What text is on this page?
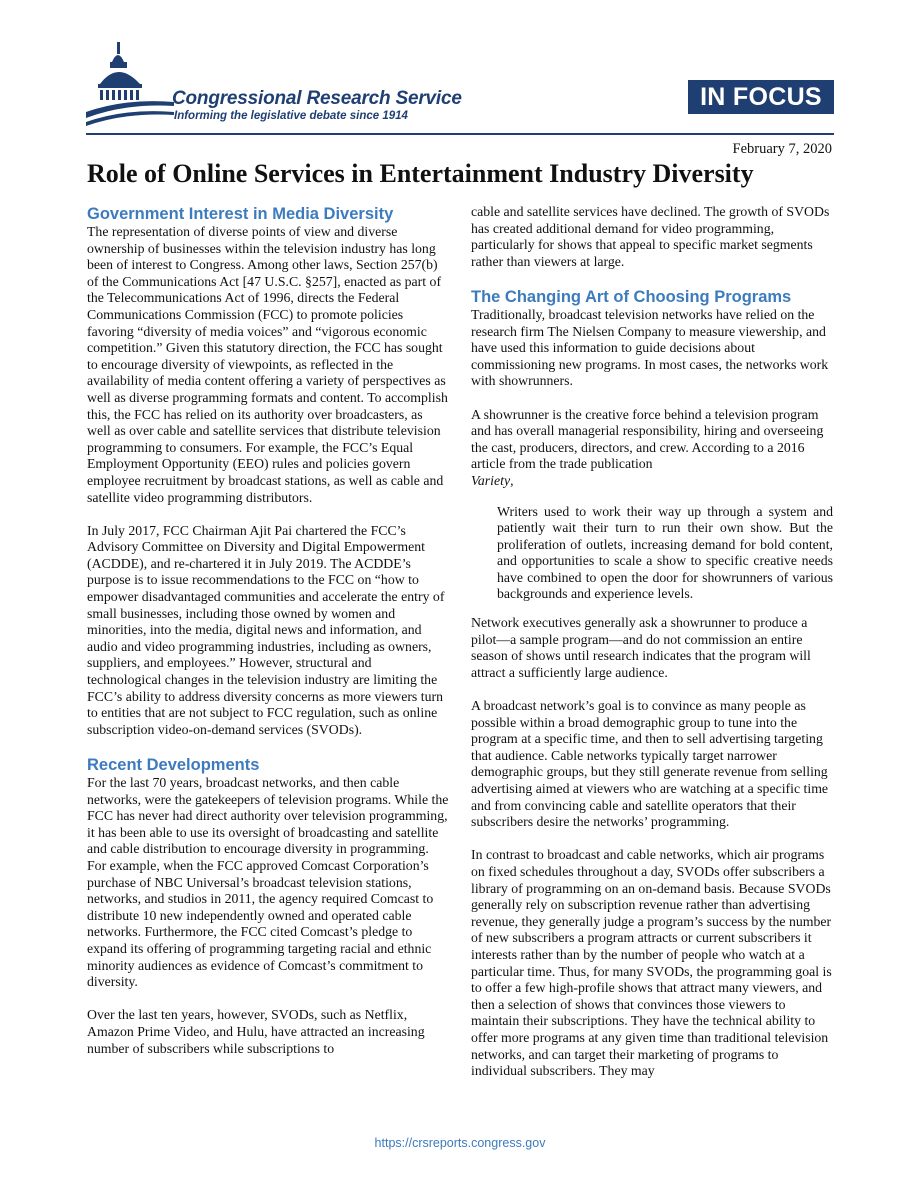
Congressional Research Service
Informing the legislative debate since 1914
IN FOCUS
February 7, 2020
Role of Online Services in Entertainment Industry Diversity
Government Interest in Media Diversity

The representation of diverse points of view and diverse ownership of businesses within the television industry has long been of interest to Congress. Among other laws, Section 257(b) of the Communications Act [47 U.S.C. §257], enacted as part of the Telecommunications Act of 1996, directs the Federal Communications Commission (FCC) to promote policies favoring “diversity of media voices” and “vigorous economic competition.” Given this statutory direction, the FCC has sought to encourage diversity of viewpoints, as reflected in the availability of media content offering a variety of perspectives as well as diverse programming formats and content. To accomplish this, the FCC has relied on its authority over broadcasters, as well as over cable and satellite services that distribute television programming to consumers. For example, the FCC’s Equal Employment Opportunity (EEO) rules and policies govern employee recruitment by broadcast stations, as well as cable and satellite video programming distributors.

In July 2017, FCC Chairman Ajit Pai chartered the FCC’s Advisory Committee on Diversity and Digital Empowerment (ACDDE), and re-chartered it in July 2019. The ACDDE’s purpose is to issue recommendations to the FCC on “how to empower disadvantaged communities and accelerate the entry of small businesses, including those owned by women and minorities, into the media, digital news and information, and audio and video programming industries, including as owners, suppliers, and employees.” However, structural and technological changes in the television industry are limiting the FCC’s ability to address diversity concerns as more viewers turn to entities that are not subject to FCC regulation, such as online subscription video-on-demand services (SVODs).

Recent Developments

For the last 70 years, broadcast networks, and then cable networks, were the gatekeepers of television programs. While the FCC has never had direct authority over television programming, it has been able to use its oversight of broadcasting and satellite and cable distribution to encourage diversity in programming. For example, when the FCC approved Comcast Corporation’s purchase of NBC Universal’s broadcast television stations, networks, and studios in 2011, the agency required Comcast to distribute 10 new independently owned and operated cable networks. Furthermore, the FCC cited Comcast’s pledge to expand its offering of programming targeting racial and ethnic minority audiences as evidence of Comcast’s commitment to diversity.

Over the last ten years, however, SVODs, such as Netflix, Amazon Prime Video, and Hulu, have attracted an increasing number of subscribers while subscriptions to

cable and satellite services have declined. The growth of SVODs has created additional demand for video programming, particularly for shows that appeal to specific market segments rather than viewers at large.

The Changing Art of Choosing Programs

Traditionally, broadcast television networks have relied on the research firm The Nielsen Company to measure viewership, and have used this information to guide decisions about commissioning new programs. In most cases, the networks work with showrunners.

A showrunner is the creative force behind a television program and has overall managerial responsibility, hiring and overseeing the cast, producers, directors, and crew. According to a 2016 article from the trade publication
Variety,

Writers used to work their way up through a system and patiently wait their turn to run their own show. But the proliferation of outlets, increasing demand for bold content, and opportunities to scale a show to specific creative needs have combined to open the door for showrunners of various backgrounds and experience levels.

Network executives generally ask a showrunner to produce a pilot—a sample program—and do not commission an entire season of shows until research indicates that the program will attract a sufficiently large audience.

A broadcast network’s goal is to convince as many people as possible within a broad demographic group to tune into the program at a specific time, and then to sell advertising targeting that audience. Cable networks typically target narrower demographic groups, but they still generate revenue from selling advertising aimed at viewers who are watching at a specific time and from convincing cable and satellite operators that their subscribers desire the networks’ programming.

In contrast to broadcast and cable networks, which air programs on fixed schedules throughout a day, SVODs offer subscribers a library of programming on an on-demand basis. Because SVODs generally rely on subscription revenue rather than advertising revenue, they generally judge a program’s success by the number of new subscribers a program attracts or current subscribers it interests rather than by the number of people who watch at a particular time. Thus, for many SVODs, the programming goal is to offer a few high-profile shows that attract many viewers, and then a selection of shows that convinces those viewers to maintain their subscriptions. They have the technical ability to offer more programs at any given time than traditional television networks, and can target their marketing of programs to individual subscribers. They may

https://crsreports.congress.gov
